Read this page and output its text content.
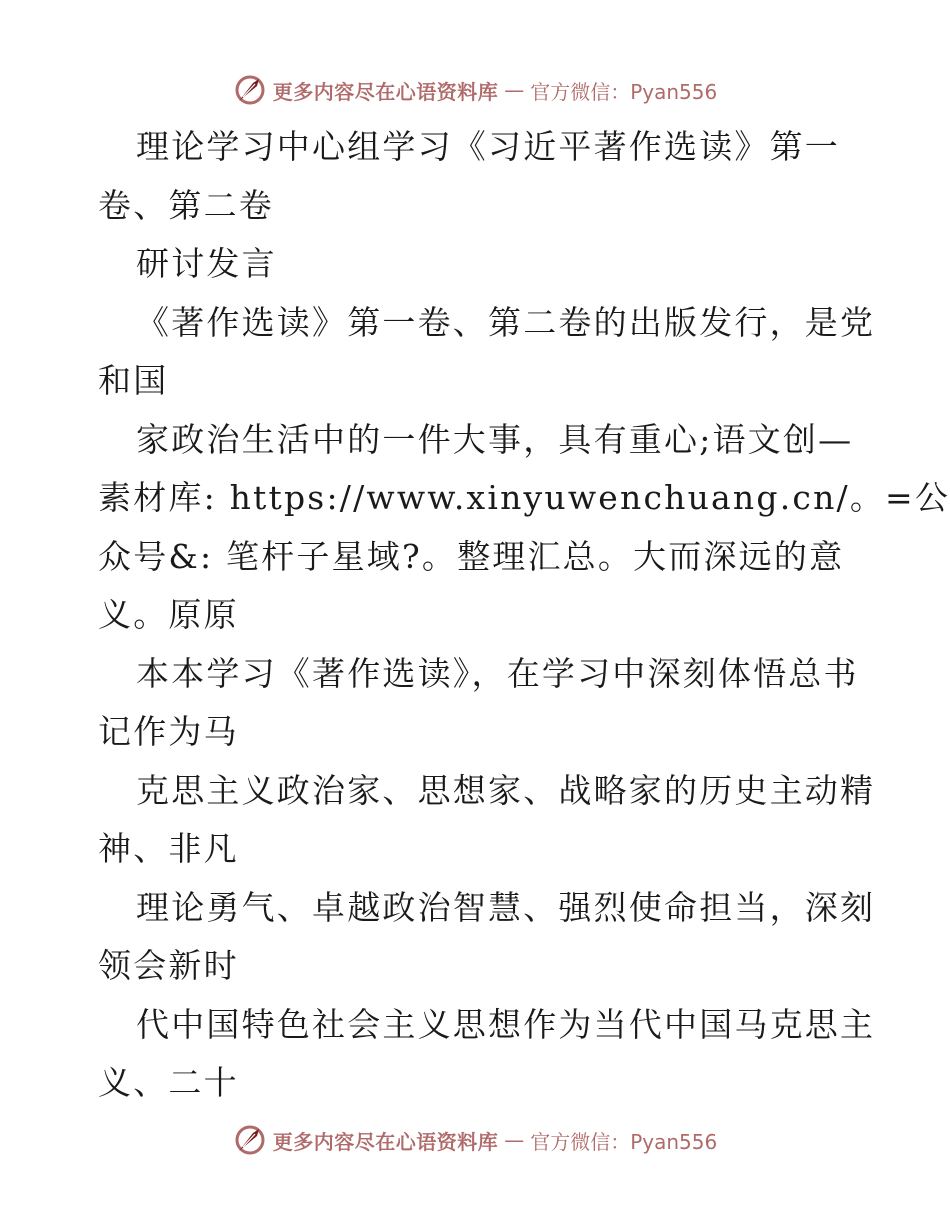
更多内容尽在心语资料库 — 官方微信：Pyan556
理论学习中心组学习《习近平著作选读》第一
卷、第二卷
研讨发言
《著作选读》第一卷、第二卷的出版发行，是党
和国
家政治生活中的一件大事，具有重心;语文创—
素材库: https://www.xinyuwenchuang.cn/。=公
众号&: 笔杆子星域?。整理汇总。大而深远的意
义。原原
本本学习《著作选读》，在学习中深刻体悟总书
记作为马
克思主义政治家、思想家、战略家的历史主动精
神、非凡
理论勇气、卓越政治智慧、强烈使命担当，深刻
领会新时
代中国特色社会主义思想作为当代中国马克思主
义、二十
更多内容尽在心语资料库 — 官方微信：Pyan556
